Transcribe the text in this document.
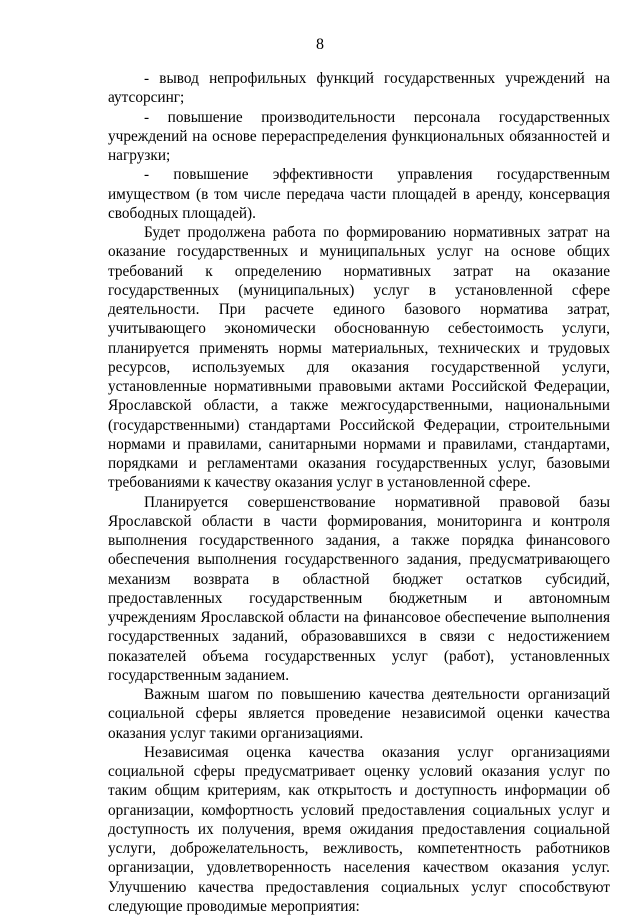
8

- вывод непрофильных функций государственных учреждений на аутсорсинг;

- повышение производительности персонала государственных учреждений на основе перераспределения функциональных обязанностей и нагрузки;

- повышение эффективности управления государственным имуществом (в том числе передача части площадей в аренду, консервация свободных площадей).

Будет продолжена работа по формированию нормативных затрат на оказание государственных и муниципальных услуг на основе общих требований к определению нормативных затрат на оказание государственных (муниципальных) услуг в установленной сфере деятельности. При расчете единого базового норматива затрат, учитывающего экономически обоснованную себестоимость услуги, планируется применять нормы материальных, технических и трудовых ресурсов, используемых для оказания государственной услуги, установленные нормативными правовыми актами Российской Федерации, Ярославской области, а также межгосударственными, национальными (государственными) стандартами Российской Федерации, строительными нормами и правилами, санитарными нормами и правилами, стандартами, порядками и регламентами оказания государственных услуг, базовыми требованиями к качеству оказания услуг в установленной сфере.

Планируется совершенствование нормативной правовой базы Ярославской области в части формирования, мониторинга и контроля выполнения государственного задания, а также порядка финансового обеспечения выполнения государственного задания, предусматривающего механизм возврата в областной бюджет остатков субсидий, предоставленных государственным бюджетным и автономным учреждениям Ярославской области на финансовое обеспечение выполнения государственных заданий, образовавшихся в связи с недостижением показателей объема государственных услуг (работ), установленных государственным заданием.

Важным шагом по повышению качества деятельности организаций социальной сферы является проведение независимой оценки качества оказания услуг такими организациями.

Независимая оценка качества оказания услуг организациями социальной сферы предусматривает оценку условий оказания услуг по таким общим критериям, как открытость и доступность информации об организации, комфортность условий предоставления социальных услуг и доступность их получения, время ожидания предоставления социальной услуги, доброжелательность, вежливость, компетентность работников организации, удовлетворенность населения качеством оказания услуг. Улучшению качества предоставления социальных услуг способствуют следующие проводимые мероприятия:
